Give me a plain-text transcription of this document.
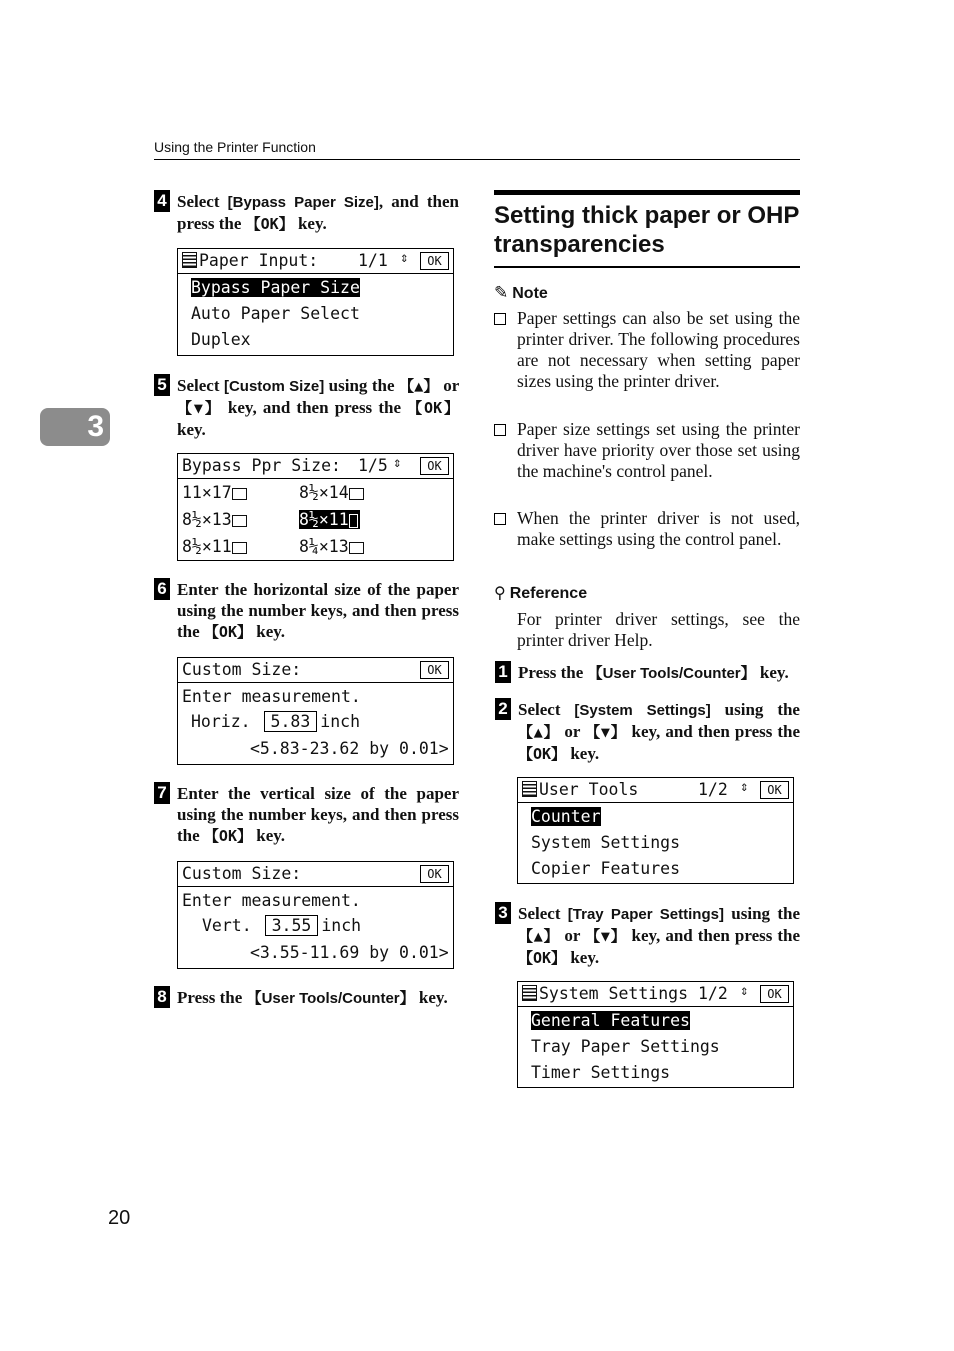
Using the Printer Function
3
4 Select [Bypass Paper Size], and then press the 【OK】 key.
Paper Input: 1/1 ⇕	OK
Bypass Paper Size
Auto Paper Select
Duplex
5 Select [Custom Size] using the 【▲】 or 【▼】 key, and then press the 【OK】 key.
Bypass Ppr Size: 1/5 ⇕	OK
11×17	8½×14
8½×13	8½×11
8½×11	8¼×13
6 Enter the horizontal size of the paper using the number keys, and then press the 【OK】 key.
Custom Size:	OK
Enter measurement.
Horiz. 5.83 inch
<5.83-23.62 by 0.01>
7 Enter the vertical size of the paper using the number keys, and then press the 【OK】 key.
Custom Size:	OK
Enter measurement.
Vert. 3.55 inch
<3.55-11.69 by 0.01>
8 Press the 【User Tools/Counter】 key.
Setting thick paper or OHP transparencies
✎ Note
Paper settings can also be set using the printer driver. The following procedures are not necessary when setting paper sizes using the printer driver.
Paper size settings set using the printer driver have priority over those set using the machine's control panel.
When the printer driver is not used, make settings using the control panel.
⚲ Reference
For printer driver settings, see the printer driver Help.
1 Press the 【User Tools/Counter】 key.
2 Select [System Settings] using the 【▲】 or 【▼】 key, and then press the 【OK】 key.
User Tools	1/2 ⇕	OK
Counter
System Settings
Copier Features
3 Select [Tray Paper Settings] using the 【▲】 or 【▼】 key, and then press the 【OK】 key.
System Settings 1/2 ⇕	OK
General Features
Tray Paper Settings
Timer Settings
20
